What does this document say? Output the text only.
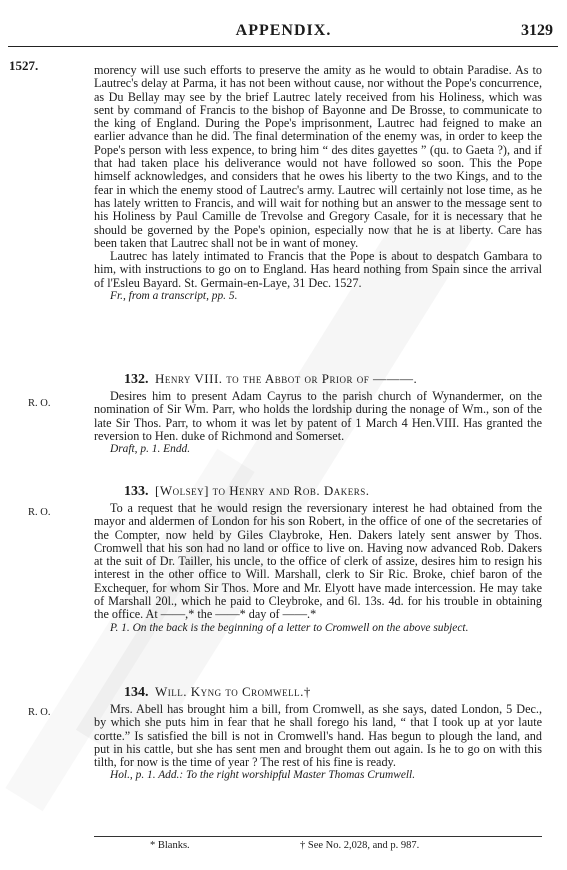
APPENDIX.	3129
1527.	morency will use such efforts to preserve the amity as he would to obtain Paradise. As to Lautrec's delay at Parma, it has not been without cause, nor without the Pope's concurrence, as Du Bellay may see by the brief Lautrec lately received from his Holiness, which was sent by command of Francis to the bishop of Bayonne and De Brosse, to communicate to the king of England. During the Pope's imprisonment, Lautrec had feigned to make an earlier advance than he did. The final determination of the enemy was, in order to keep the Pope's person with less expence, to bring him “ des dites gayettes ” (qu. to Gaeta ?), and if that had taken place his deliverance would not have followed so soon. This the Pope himself acknowledges, and considers that he owes his liberty to the two Kings, and to the fear in which the enemy stood of Lautrec's army. Lautrec will certainly not lose time, as he has lately written to Francis, and will wait for nothing but an answer to the message sent to his Holiness by Paul Camille de Trevolse and Gregory Casale, for it is necessary that he should be governed by the Pope's opinion, especially now that he is at liberty. Care has been taken that Lautrec shall not be in want of money.

Lautrec has lately intimated to Francis that the Pope is about to despatch Gambara to him, with instructions to go on to England. Has heard nothing from Spain since the arrival of l'Esleu Bayard. St. Germain-en-Laye, 31 Dec. 1527.

Fr., from a transcript, pp. 5.

R. O.
132. Henry VIII. to the Abbot or Prior of ———.

Desires him to present Adam Cayrus to the parish church of Wynandermer, on the nomination of Sir Wm. Parr, who holds the lordship during the nonage of Wm., son of the late Sir Thos. Parr, to whom it was let by patent of 1 March 4 Hen.VIII. Has granted the reversion to Hen. duke of Richmond and Somerset.

Draft, p. 1. Endd.

R. O.
133. [Wolsey] to Henry and Rob. Dakers.

To a request that he would resign the reversionary interest he had obtained from the mayor and aldermen of London for his son Robert, in the office of one of the secretaries of the Compter, now held by Giles Claybroke, Hen. Dakers lately sent answer by Thos. Cromwell that his son had no land or office to live on. Having now advanced Rob. Dakers at the suit of Dr. Tailler, his uncle, to the office of clerk of assize, desires him to resign his interest in the other office to Will. Marshall, clerk to Sir Ric. Broke, chief baron of the Exchequer, for whom Sir Thos. More and Mr. Elyott have made intercession. He may take of Marshall 20l., which he paid to Cleybroke, and 6l. 13s. 4d. for his trouble in obtaining the office. At ——,* the ——* day of ——.*

P. 1. On the back is the beginning of a letter to Cromwell on the above subject.

R. O.
134. Will. Kyng to Cromwell.†

Mrs. Abell has brought him a bill, from Cromwell, as she says, dated London, 5 Dec., by which she puts him in fear that he shall forego his land, “ that I took up at yor laute cortte.” Is satisfied the bill is not in Cromwell's hand. Has begun to plough the land, and put in his cattle, but she has sent men and brought them out again. Is he to go on with this tilth, for now is the time of year ? The rest of his fine is ready.

Hol., p. 1. Add.: To the right worshipful Master Thomas Crumwell.

* Blanks.	† See No. 2,028, and p. 987.
